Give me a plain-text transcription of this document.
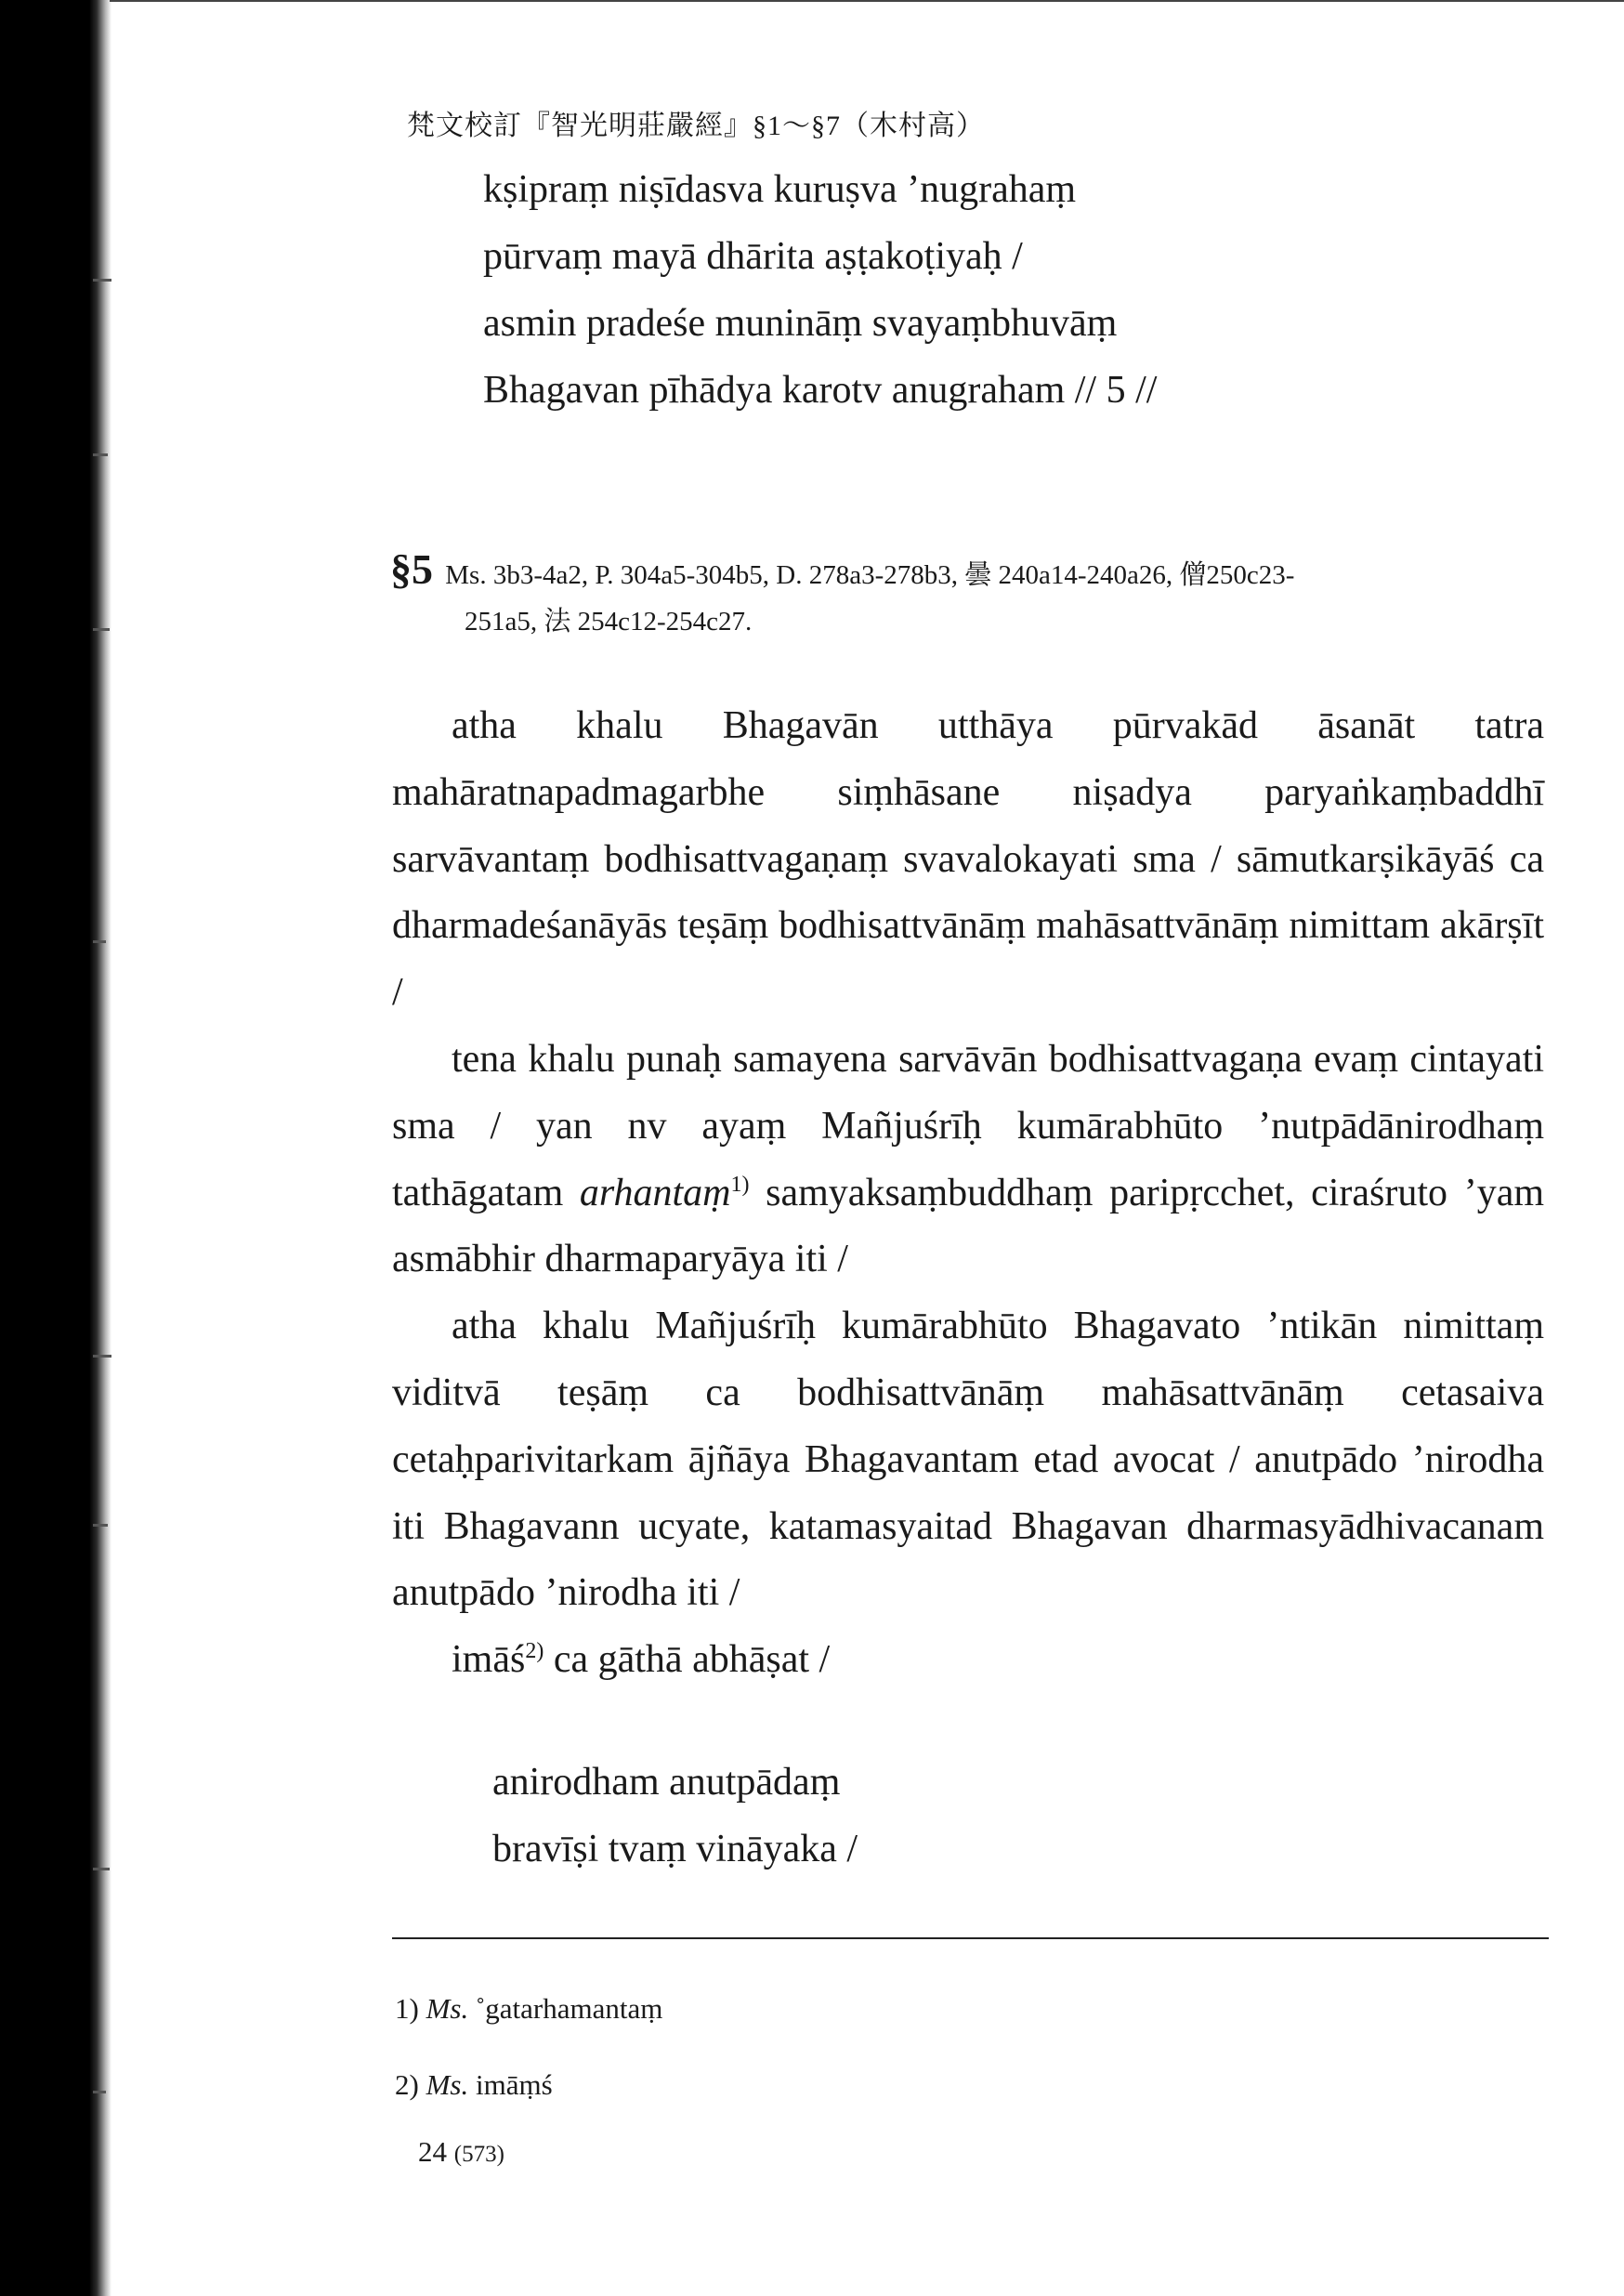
梵文校訂『智光明莊嚴經』§1～§7（木村高）
kṣipraṃ niṣīdasva kuruṣva ’nugrahaṃ
pūrvaṃ mayā dhārita aṣṭakoṭiyaḥ /
asmin pradeśe munināṃ svayaṃbhuvāṃ
Bhagavan pīhādya karotv anugraham // 5 //
§5 Ms. 3b3-4a2, P. 304a5-304b5, D. 278a3-278b3, 曇 240a14-240a26, 僧250c23-
251a5, 法 254c12-254c27.

atha khalu Bhagavān utthāya pūrvakād āsanāt tatra mahāratnapadmagarbhe siṃhāsane niṣadya paryaṅkaṃbaddhī sarvāvantaṃ bodhisattvagaṇaṃ svavalokayati sma / sāmutkarṣikāyāś ca dharmadeśanāyās teṣāṃ bodhisattvānāṃ mahāsattvānāṃ nimittam akārṣīt /

tena khalu punaḥ samayena sarvāvān bodhisattvagaṇa evaṃ cintayati sma / yan nv ayaṃ Mañjuśrīḥ kumārabhūto ’nutpādānirodhaṃ tathāgatam arhantaṃ$^{1)}$ samyaksaṃbuddhaṃ paripṛcchet, ciraśruto ’yam asmābhir dharmaparyāya iti /

atha khalu Mañjuśrīḥ kumārabhūto Bhagavato ’ntikān nimittaṃ viditvā teṣāṃ ca bodhisattvānāṃ mahāsattvānāṃ cetasaiva cetaḥparivitarkam ājñāya Bhagavantam etad avocat / anutpādo ’nirodha iti Bhagavann ucyate, katamasyaitad Bhagavan dharmasyādhivacanam anutpādo ’nirodha iti /

imāś$^{2)}$ ca gāthā abhāṣat /

anirodham anutpādaṃ
bravīṣi tvaṃ vināyaka /
1) Ms. ˚gatarhamantaṃ
2) Ms. imāṃś
24 (573)
